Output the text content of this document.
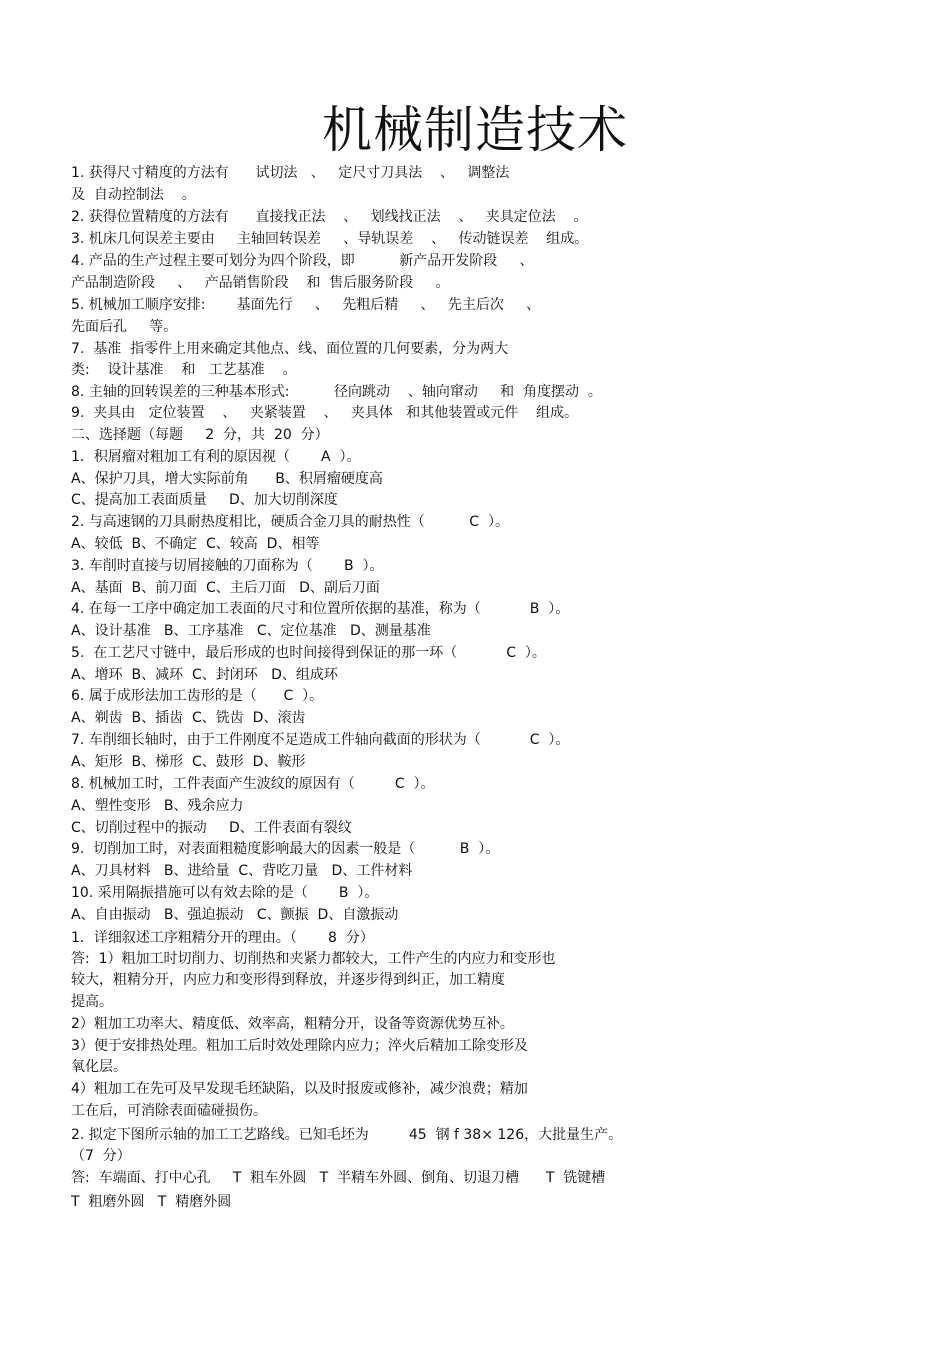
机械制造技术
1. 获得尺寸精度的方法有      试切法   、   定尺寸刀具法    、   调整法
及  自动控制法    。
2. 获得位置精度的方法有      直接找正法    、   划线找正法    、   夹具定位法    。
3. 机床几何误差主要由     主轴回转误差     、导轨误差    、   传动链误差    组成。
4. 产品的生产过程主要可划分为四个阶段，即          新产品开发阶段     、
产品制造阶段     、   产品销售阶段    和  售后服务阶段     。
5. 机械加工顺序安排:       基面先行     、   先粗后精     、   先主后次     、
先面后孔     等。
7.  基准  指零件上用来确定其他点、线、面位置的几何要素，分为两大
类:    设计基准    和   工艺基准    。
8. 主轴的回转误差的三种基本形式:          径向跳动    、轴向窜动     和  角度摆动  。
9.  夹具由   定位装置    、   夹紧装置    、   夹具体   和其他装置或元件    组成。
二、选择题（每题     2  分，共  20  分）
1．积屑瘤对粗加工有利的原因视（       A  ）。
A、保护刀具，增大实际前角      B、积屑瘤硬度高
C、提高加工表面质量     D、加大切削深度
2. 与高速钢的刀具耐热度相比，硬质合金刀具的耐热性（          C  ）。
A、较低  B、不确定  C、较高  D、相等
3. 车削时直接与切屑接触的刀面称为（       B  ）。
A、基面  B、前刀面  C、主后刀面   D、副后刀面
4. 在每一工序中确定加工表面的尺寸和位置所依据的基准，称为（           B  ）。
A、设计基准   B、工序基准   C、定位基准   D、测量基准
5.  在工艺尺寸链中，最后形成的也时间接得到保证的那一环（           C  ）。
A、增环  B、减环  C、封闭环   D、组成环
6. 属于成形法加工齿形的是（      C  ）。
A、剃齿  B、插齿  C、铣齿  D、滚齿
7. 车削细长轴时，由于工件刚度不足造成工件轴向截面的形状为（           C  ）。
A、矩形  B、梯形  C、鼓形  D、鞍形
8. 机械加工时，工件表面产生波纹的原因有（         C  ）。
A、塑性变形   B、残余应力
C、切削过程中的振动     D、工件表面有裂纹
9.  切削加工时，对表面粗糙度影响最大的因素一般是（          B  ）。
A、刀具材料   B、进给量  C、背吃刀量   D、工件材料
10. 采用隔振措施可以有效去除的是（       B  ）。
A、自由振动   B、强迫振动   C、颤振  D、自激振动
1．详细叙述工序粗精分开的理由。（       8  分）
答:  1）粗加工时切削力、切削热和夹紧力都较大，工件产生的内应力和变形也
较大，粗精分开，内应力和变形得到释放，并逐步得到纠正，加工精度
提高。
2）粗加工功率大、精度低、效率高，粗精分开，设备等资源优势互补。
3）便于安排热处理。粗加工后时效处理除内应力；淬火后精加工除变形及
氧化层。
4）粗加工在先可及早发现毛坯缺陷，以及时报废或修补，减少浪费；精加
工在后，可消除表面磕碰损伤。
2. 拟定下图所示轴的加工工艺路线。已知毛坯为         45  钢 f 38× 126，大批量生产。
（7  分）
答:  车端面、打中心孔     T  粗车外圆   T  半精车外圆、倒角、切退刀槽      T  铣键槽
T  粗磨外圆   T  精磨外圆
